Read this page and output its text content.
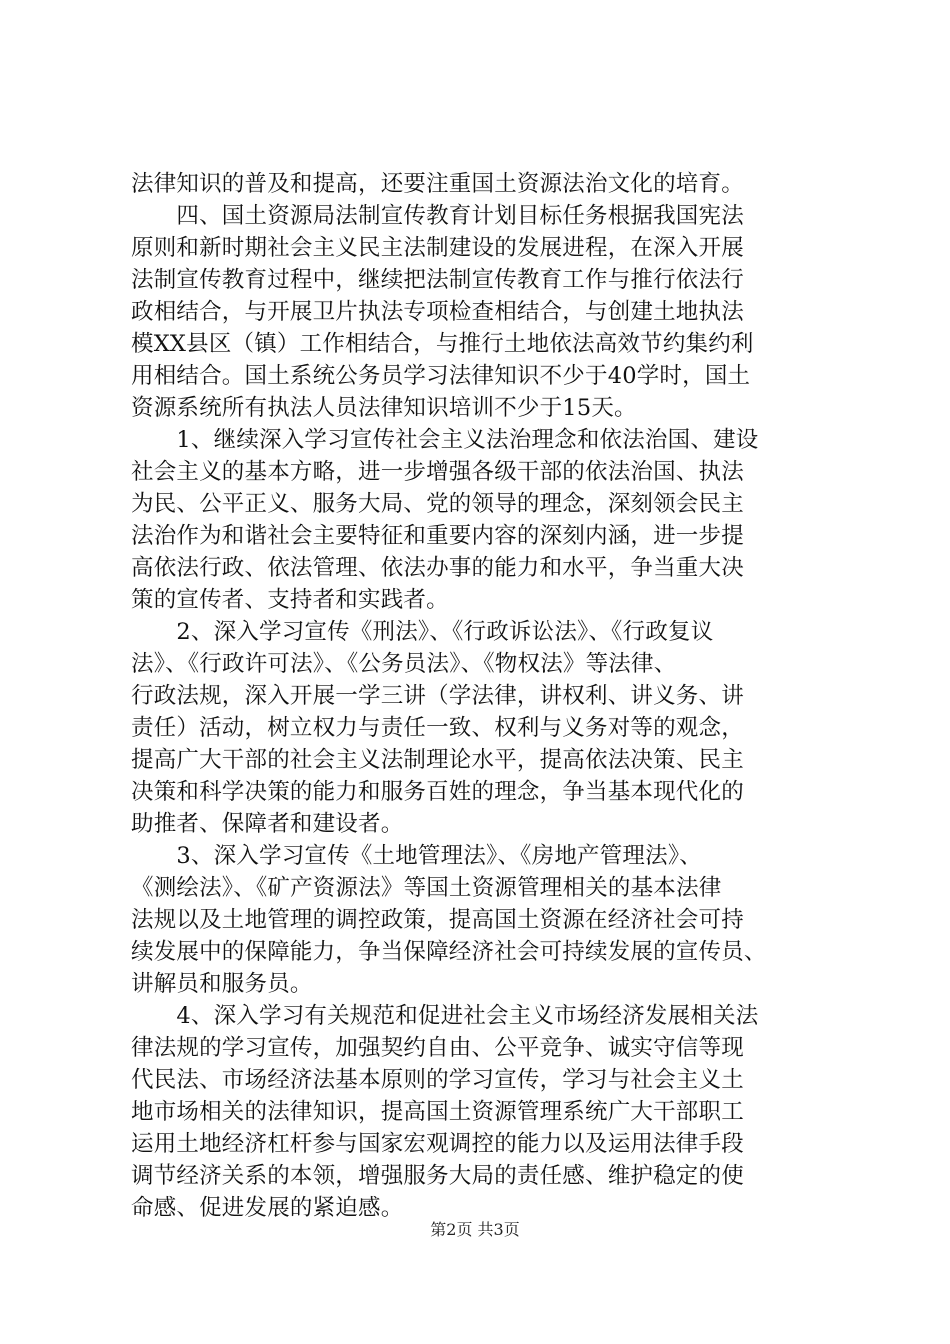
法律知识的普及和提高，还要注重国土资源法治文化的培育。
　　四、国土资源局法制宣传教育计划目标任务根据我国宪法
原则和新时期社会主义民主法制建设的发展进程，在深入开展
法制宣传教育过程中，继续把法制宣传教育工作与推行依法行
政相结合，与开展卫片执法专项检查相结合，与创建土地执法
模XX县区（镇）工作相结合，与推行土地依法高效节约集约利
用相结合。国土系统公务员学习法律知识不少于40学时，国土
资源系统所有执法人员法律知识培训不少于15天。
　　1、继续深入学习宣传社会主义法治理念和依法治国、建设
社会主义的基本方略，进一步增强各级干部的依法治国、执法
为民、公平正义、服务大局、党的领导的理念，深刻领会民主
法治作为和谐社会主要特征和重要内容的深刻内涵，进一步提
高依法行政、依法管理、依法办事的能力和水平，争当重大决
策的宣传者、支持者和实践者。
　　2、深入学习宣传《刑法》、《行政诉讼法》、《行政复议
法》、《行政许可法》、《公务员法》、《物权法》等法律、
行政法规，深入开展一学三讲（学法律，讲权利、讲义务、讲
责任）活动，树立权力与责任一致、权利与义务对等的观念，
提高广大干部的社会主义法制理论水平，提高依法决策、民主
决策和科学决策的能力和服务百姓的理念，争当基本现代化的
助推者、保障者和建设者。
　　3、深入学习宣传《土地管理法》、《房地产管理法》、
《测绘法》、《矿产资源法》等国土资源管理相关的基本法律
法规以及土地管理的调控政策，提高国土资源在经济社会可持
续发展中的保障能力，争当保障经济社会可持续发展的宣传员、
讲解员和服务员。
　　4、深入学习有关规范和促进社会主义市场经济发展相关法
律法规的学习宣传，加强契约自由、公平竞争、诚实守信等现
代民法、市场经济法基本原则的学习宣传，学习与社会主义土
地市场相关的法律知识，提高国土资源管理系统广大干部职工
运用土地经济杠杆参与国家宏观调控的能力以及运用法律手段
调节经济关系的本领，增强服务大局的责任感、维护稳定的使
命感、促进发展的紧迫感。
第2页 共3页
